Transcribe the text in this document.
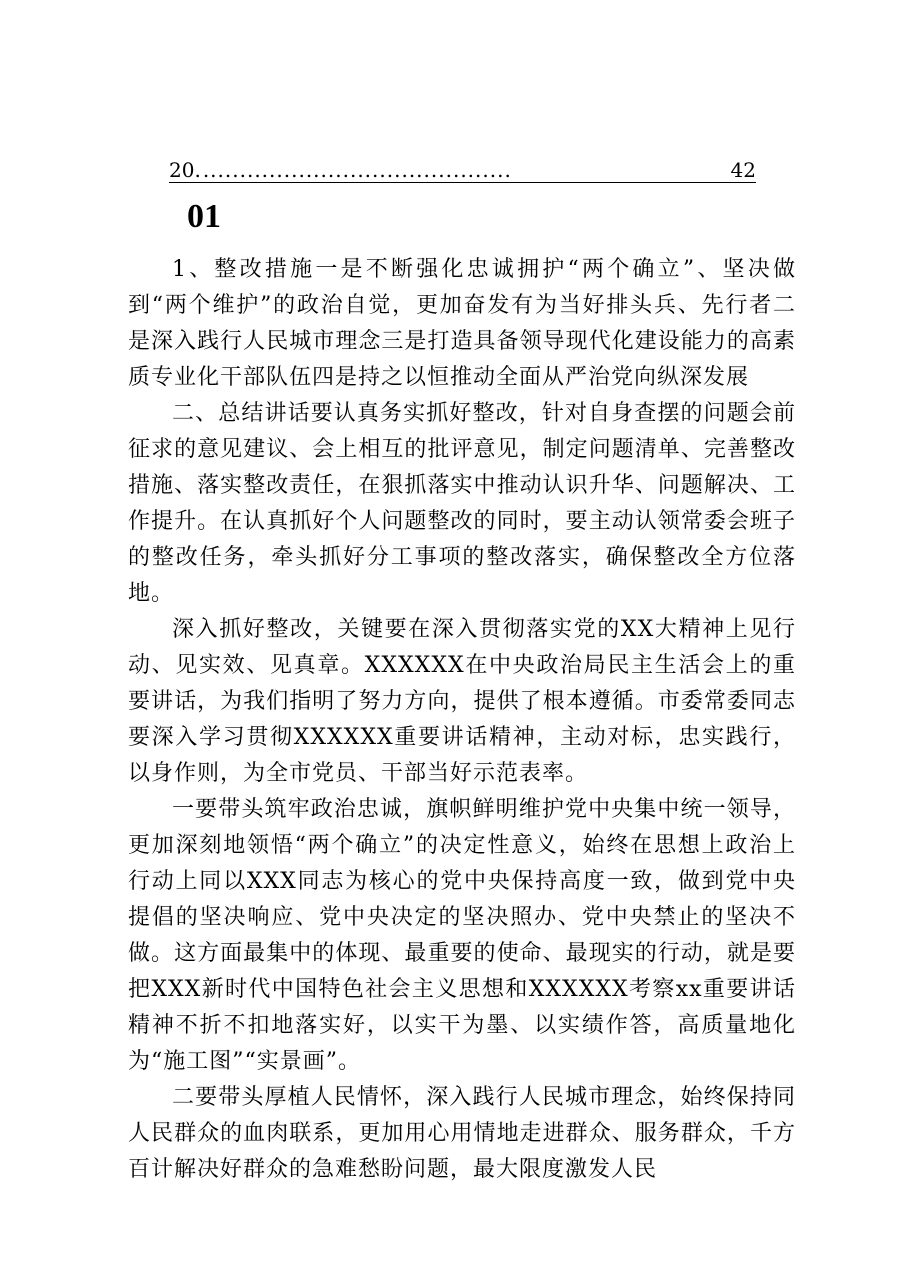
20. ..........................................	42
01

1、整改措施一是不断强化忠诚拥护“两个确立”、坚决做到“两个维护”的政治自觉，更加奋发有为当好排头兵、先行者二是深入践行人民城市理念三是打造具备领导现代化建设能力的高素质专业化干部队伍四是持之以恒推动全面从严治党向纵深发展

二、总结讲话要认真务实抓好整改，针对自身查摆的问题会前征求的意见建议、会上相互的批评意见，制定问题清单、完善整改措施、落实整改责任，在狠抓落实中推动认识升华、问题解决、工作提升。在认真抓好个人问题整改的同时，要主动认领常委会班子的整改任务，牵头抓好分工事项的整改落实，确保整改全方位落地。

深入抓好整改，关键要在深入贯彻落实党的XX大精神上见行动、见实效、见真章。XXXXXX在中央政治局民主生活会上的重要讲话，为我们指明了努力方向，提供了根本遵循。市委常委同志要深入学习贯彻XXXXXX重要讲话精神，主动对标，忠实践行，以身作则，为全市党员、干部当好示范表率。

一要带头筑牢政治忠诚，旗帜鲜明维护党中央集中统一领导，更加深刻地领悟“两个确立”的决定性意义，始终在思想上政治上行动上同以XXX同志为核心的党中央保持高度一致，做到党中央提倡的坚决响应、党中央决定的坚决照办、党中央禁止的坚决不做。这方面最集中的体现、最重要的使命、最现实的行动，就是要把XXX新时代中国特色社会主义思想和XXXXXX考察xx重要讲话精神不折不扣地落实好，以实干为墨、以实绩作答，高质量地化为“施工图”“实景画”。

二要带头厚植人民情怀，深入践行人民城市理念，始终保持同人民群众的血肉联系，更加用心用情地走进群众、服务群众，千方百计解决好群众的急难愁盼问题，最大限度激发人民
